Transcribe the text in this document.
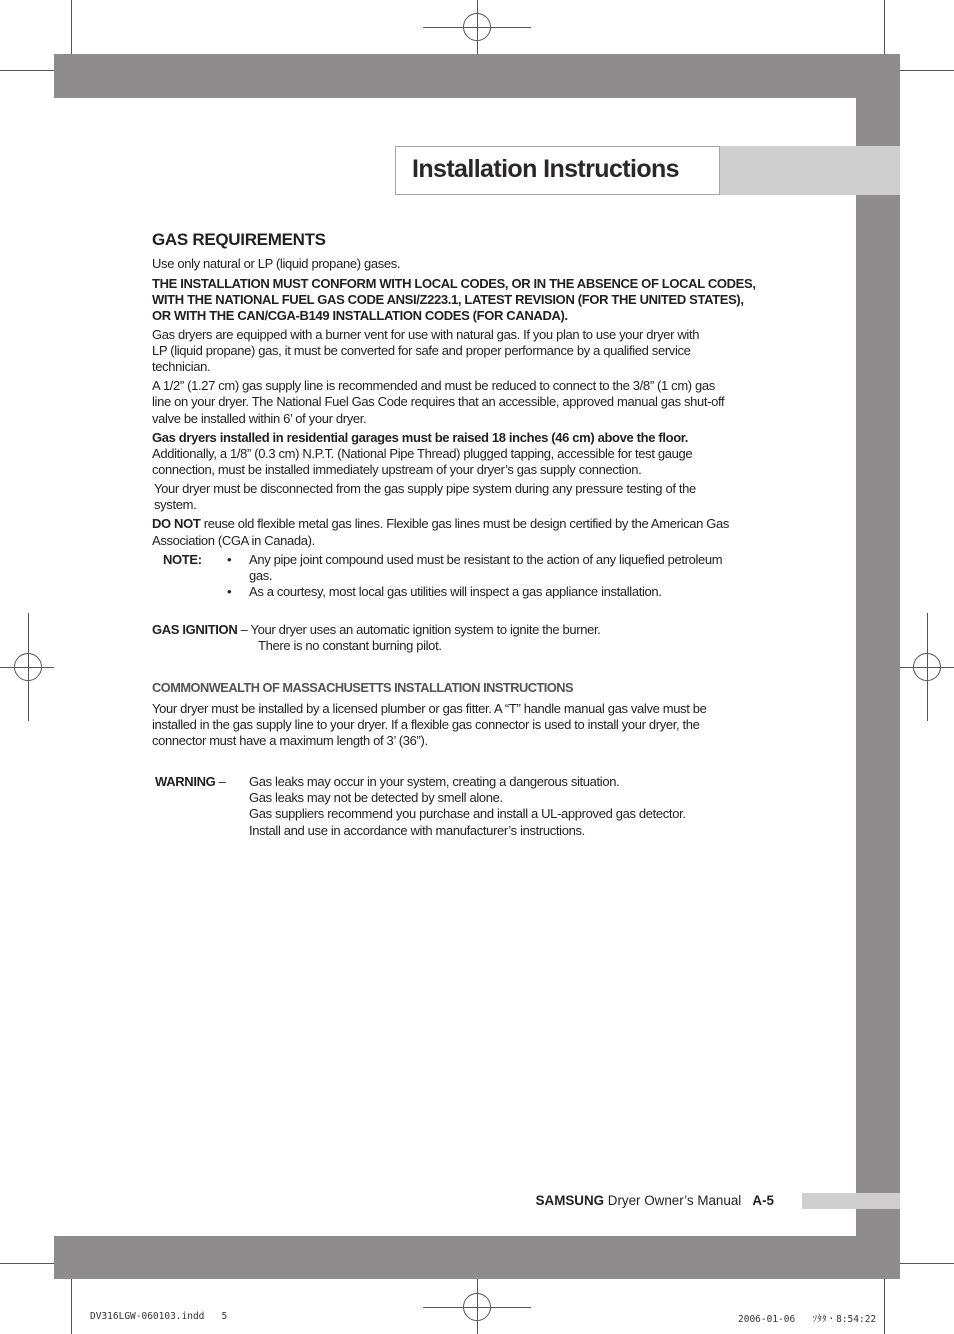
Installation Instructions
GAS REQUIREMENTS
Use only natural or LP (liquid propane) gases.
THE INSTALLATION MUST CONFORM WITH LOCAL CODES, OR IN THE ABSENCE OF LOCAL CODES,
WITH THE NATIONAL FUEL GAS CODE ANSI/Z223.1, LATEST REVISION (FOR THE UNITED STATES),
OR WITH THE CAN/CGA-B149 INSTALLATION CODES (FOR CANADA).
Gas dryers are equipped with a burner vent for use with natural gas. If you plan to use your dryer with
LP (liquid propane) gas, it must be converted for safe and proper performance by a qualified service
technician.
A 1/2” (1.27 cm) gas supply line is recommended and must be reduced to connect to the 3/8” (1 cm) gas
line on your dryer. The National Fuel Gas Code requires that an accessible, approved manual gas shut-off
valve be installed within 6’ of your dryer.
Gas dryers installed in residential garages must be raised 18 inches (46 cm) above the floor.
Additionally, a 1/8” (0.3 cm) N.P.T. (National Pipe Thread) plugged tapping, accessible for test gauge
connection, must be installed immediately upstream of your dryer’s gas supply connection.
Your dryer must be disconnected from the gas supply pipe system during any pressure testing of the
system.
DO NOT reuse old flexible metal gas lines. Flexible gas lines must be design certified by the American Gas
Association (CGA in Canada).
NOTE: • Any pipe joint compound used must be resistant to the action of any liquefied petroleum
gas.
• As a courtesy, most local gas utilities will inspect a gas appliance installation.
GAS IGNITION – Your dryer uses an automatic ignition system to ignite the burner.
There is no constant burning pilot.
COMMONWEALTH OF MASSACHUSETTS INSTALLATION INSTRUCTIONS
Your dryer must be installed by a licensed plumber or gas fitter. A “T” handle manual gas valve must be
installed in the gas supply line to your dryer. If a flexible gas connector is used to install your dryer, the
connector must have a maximum length of 3’ (36”).
WARNING – Gas leaks may occur in your system, creating a dangerous situation.
Gas leaks may not be detected by smell alone.
Gas suppliers recommend you purchase and install a UL-approved gas detector.
Install and use in accordance with manufacturer’s instructions.
SAMSUNG Dryer Owner’s Manual A-5
DV316LGW-060103.indd   5	2006-01-06   ｿﾀﾀ・8:54:22
